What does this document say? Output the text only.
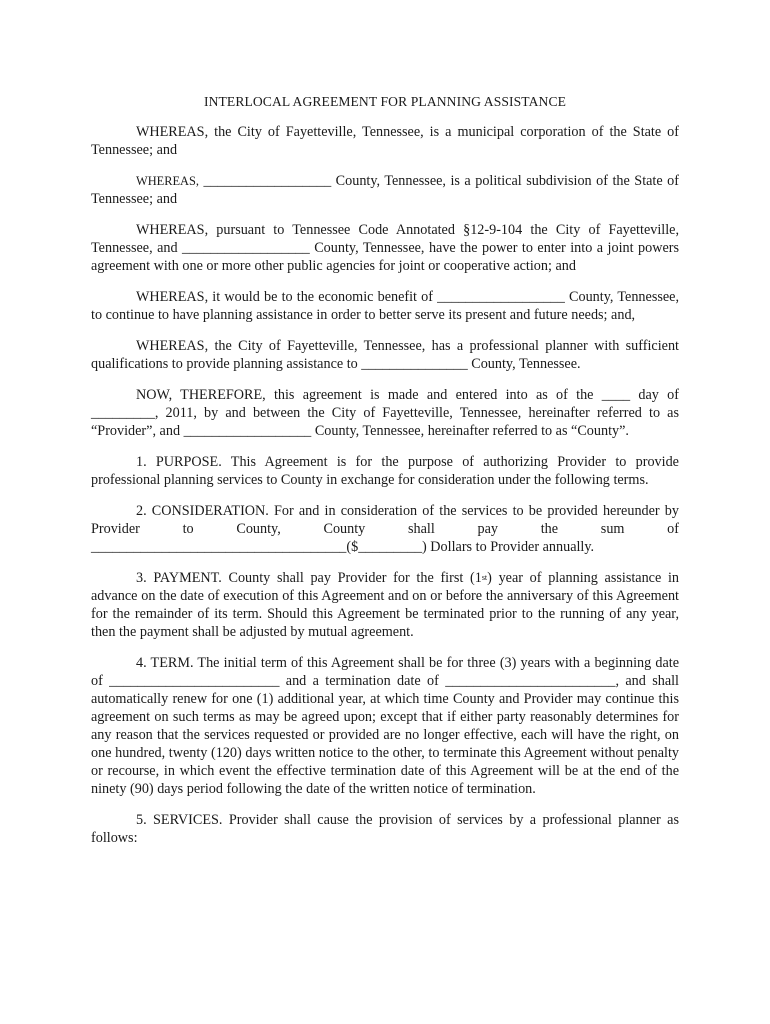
INTERLOCAL AGREEMENT FOR PLANNING ASSISTANCE

WHEREAS, the City of Fayetteville, Tennessee, is a municipal corporation of the State of Tennessee; and

WHEREAS, __________________ County, Tennessee, is a political subdivision of the State of Tennessee; and

WHEREAS, pursuant to Tennessee Code Annotated §12-9-104 the City of Fayetteville, Tennessee, and __________________ County, Tennessee, have the power to enter into a joint powers agreement with one or more other public agencies for joint or cooperative action; and

WHEREAS, it would be to the economic benefit of __________________ County, Tennessee, to continue to have planning assistance in order to better serve its present and future needs; and,

WHEREAS, the City of Fayetteville, Tennessee, has a professional planner with sufficient qualifications to provide planning assistance to _______________ County, Tennessee.

NOW, THEREFORE, this agreement is made and entered into as of the ____ day of _________, 2011, by and between the City of Fayetteville, Tennessee, hereinafter referred to as “Provider”, and __________________ County, Tennessee, hereinafter referred to as “County”.

1. PURPOSE. This Agreement is for the purpose of authorizing Provider to provide professional planning services to County in exchange for consideration under the following terms.

2. CONSIDERATION. For and in consideration of the services to be provided hereunder by Provider to County, County shall pay the sum of ____________________________________($_________) Dollars to Provider annually.

3. PAYMENT. County shall pay Provider for the first (1st) year of planning assistance in advance on the date of execution of this Agreement and on or before the anniversary of this Agreement for the remainder of its term. Should this Agreement be terminated prior to the running of any year, then the payment shall be adjusted by mutual agreement.

4. TERM. The initial term of this Agreement shall be for three (3) years with a beginning date of ________________________ and a termination date of ________________________, and shall automatically renew for one (1) additional year, at which time County and Provider may continue this agreement on such terms as may be agreed upon; except that if either party reasonably determines for any reason that the services requested or provided are no longer effective, each will have the right, on one hundred, twenty (120) days written notice to the other, to terminate this Agreement without penalty or recourse, in which event the effective termination date of this Agreement will be at the end of the ninety (90) days period following the date of the written notice of termination.

5. SERVICES. Provider shall cause the provision of services by a professional planner as follows:
